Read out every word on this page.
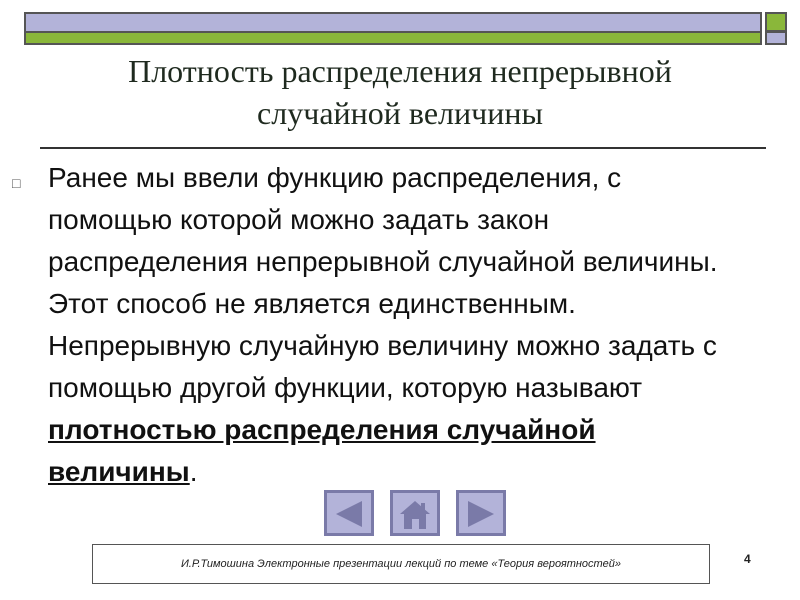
Плотность распределения непрерывной
случайной величины
□ Ранее мы ввели функцию распределения, с помощью которой можно задать закон распределения непрерывной случайной величины. Этот способ не является единственным. Непрерывную случайную величину можно задать с помощью другой функции, которую называют плотностью распределения случайной величины.
И.Р.Тимошина Электронные презентации лекций по теме «Теория вероятностей»	4
